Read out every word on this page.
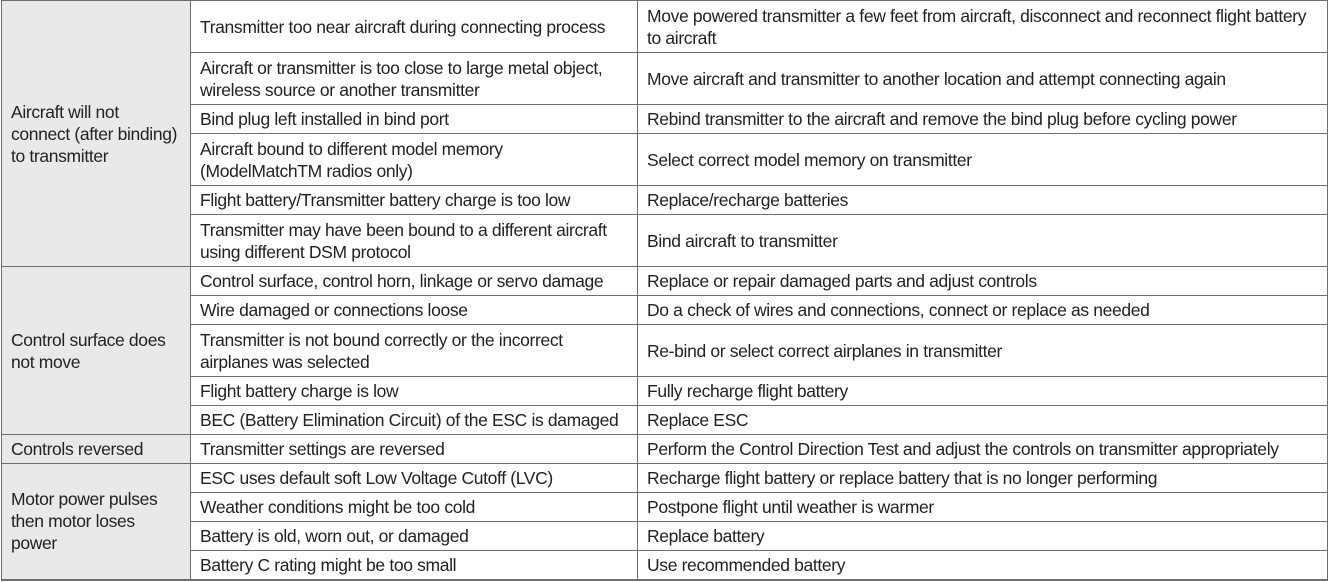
Aircraft will not connect (after binding) to transmitter	Transmitter too near aircraft during connecting process	Move powered transmitter a few feet from aircraft, disconnect and reconnect flight battery to aircraft
	Aircraft or transmitter is too close to large metal object, wireless source or another transmitter	Move aircraft and transmitter to another location and attempt connecting again
	Bind plug left installed in bind port	Rebind transmitter to the aircraft and remove the bind plug before cycling power
	Aircraft bound to different model memory (ModelMatchTM radios only)	Select correct model memory on transmitter
	Flight battery/Transmitter battery charge is too low	Replace/recharge batteries
	Transmitter may have been bound to a different aircraft using different DSM protocol	Bind aircraft to transmitter
Control surface does not move	Control surface, control horn, linkage or servo damage	Replace or repair damaged parts and adjust controls
	Wire damaged or connections loose	Do a check of wires and connections, connect or replace as needed
	Transmitter is not bound correctly or the incorrect airplanes was selected	Re-bind or select correct airplanes in transmitter
	Flight battery charge is low	Fully recharge flight battery
	BEC (Battery Elimination Circuit) of the ESC is damaged	Replace ESC
Controls reversed	Transmitter settings are reversed	Perform the Control Direction Test and adjust the controls on transmitter appropriately
Motor power pulses then motor loses power	ESC uses default soft Low Voltage Cutoff (LVC)	Recharge flight battery or replace battery that is no longer performing
	Weather conditions might be too cold	Postpone flight until weather is warmer
	Battery is old, worn out, or damaged	Replace battery
	Battery C rating might be too small	Use recommended battery
